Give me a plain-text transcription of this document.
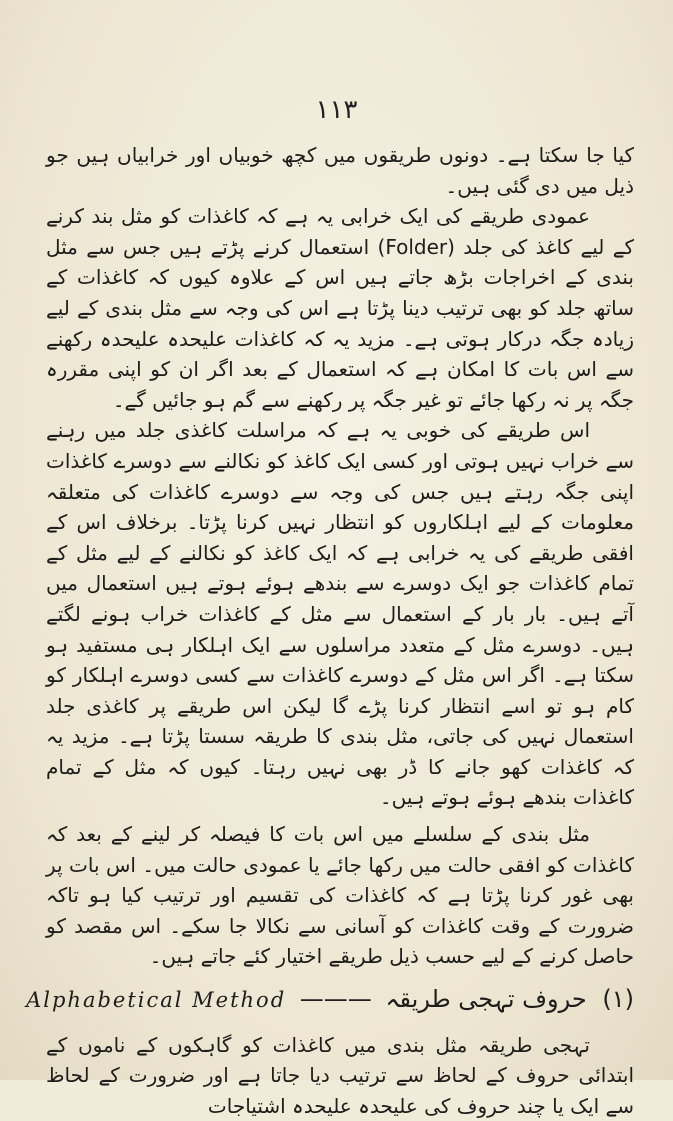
۱۱۳

کیا جا سکتا ہے۔ دونوں طریقوں میں کچھ خوبیاں اور خرابیاں ہیں جو ذیل میں دی گئی ہیں۔

عمودی طریقے کی ایک خرابی یہ ہے کہ کاغذات کو مثل بند کرنے کے لیے کاغذ کی جلد (Folder) استعمال کرنے پڑتے ہیں جس سے مثل بندی کے اخراجات بڑھ جاتے ہیں اس کے علاوہ کیوں کہ کاغذات کے ساتھ جلد کو بھی ترتیب دینا پڑتا ہے اس کی وجہ سے مثل بندی کے لیے زیادہ جگہ درکار ہوتی ہے۔ مزید یہ کہ کاغذات علیحدہ علیحدہ رکھنے سے اس بات کا امکان ہے کہ استعمال کے بعد اگر ان کو اپنی مقررہ جگہ پر نہ رکھا جائے تو غیر جگہ پر رکھنے سے گم ہو جائیں گے۔

اس طریقے کی خوبی یہ ہے کہ مراسلت کاغذی جلد میں رہنے سے خراب نہیں ہوتی اور کسی ایک کاغذ کو نکالنے سے دوسرے کاغذات اپنی جگہ رہتے ہیں جس کی وجہ سے دوسرے کاغذات کی متعلقہ معلومات کے لیے اہلکاروں کو انتظار نہیں کرنا پڑتا۔ برخلاف اس کے افقی طریقے کی یہ خرابی ہے کہ ایک کاغذ کو نکالنے کے لیے مثل کے تمام کاغذات جو ایک دوسرے سے بندھے ہوئے ہوتے ہیں استعمال میں آتے ہیں۔ بار بار کے استعمال سے مثل کے کاغذات خراب ہونے لگتے ہیں۔ دوسرے مثل کے متعدد مراسلوں سے ایک اہلکار ہی مستفید ہو سکتا ہے۔ اگر اس مثل کے دوسرے کاغذات سے کسی دوسرے اہلکار کو کام ہو تو اسے انتظار کرنا پڑے گا لیکن اس طریقے پر کاغذی جلد استعمال نہیں کی جاتی، مثل بندی کا طریقہ سستا پڑتا ہے۔ مزید یہ کہ کاغذات کھو جانے کا ڈر بھی نہیں رہتا۔ کیوں کہ مثل کے تمام کاغذات بندھے ہوئے ہوتے ہیں۔

مثل بندی کے سلسلے میں اس بات کا فیصلہ کر لینے کے بعد کہ کاغذات کو افقی حالت میں رکھا جائے یا عمودی حالت میں۔ اس بات پر بھی غور کرنا پڑتا ہے کہ کاغذات کی تقسیم اور ترتیب کیا ہو تاکہ ضرورت کے وقت کاغذات کو آسانی سے نکالا جا سکے۔ اس مقصد کو حاصل کرنے کے لیے حسب ذیل طریقے اختیار کئے جاتے ہیں۔

(۱) حروف تہجی طریقہ ——— Alphabetical Method

تہجی طریقہ مثل بندی میں کاغذات کو گاہکوں کے ناموں کے ابتدائی حروف کے لحاظ سے ترتیب دیا جاتا ہے اور ضرورت کے لحاظ سے ایک یا چند حروف کی علیحدہ علیحدہ اشتیاجات
